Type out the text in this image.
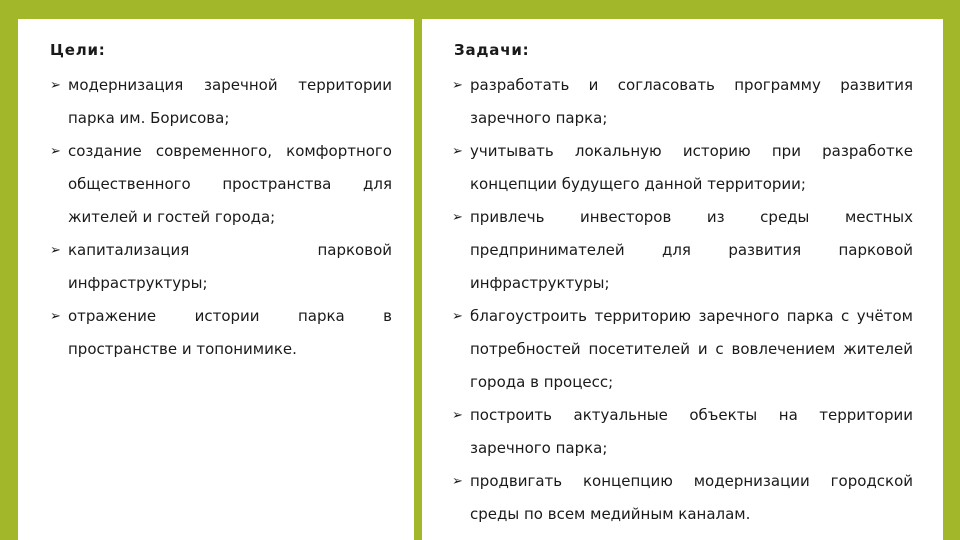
Цели:
➢ модернизация заречной территории парка им. Борисова;
➢ создание современного, комфортного общественного пространства для жителей и гостей города;
➢ капитализация парковой инфраструктуры;
➢ отражение истории парка в пространстве и топонимике.
Задачи:
➢ разработать и согласовать программу развития заречного парка;
➢ учитывать локальную историю при разработке концепции будущего данной территории;
➢ привлечь инвесторов из среды местных предпринимателей для развития парковой инфраструктуры;
➢ благоустроить территорию заречного парка с учётом потребностей посетителей и с вовлечением жителей города в процесс;
➢ построить актуальные объекты на территории заречного парка;
➢ продвигать концепцию модернизации городской среды по всем медийным каналам.
